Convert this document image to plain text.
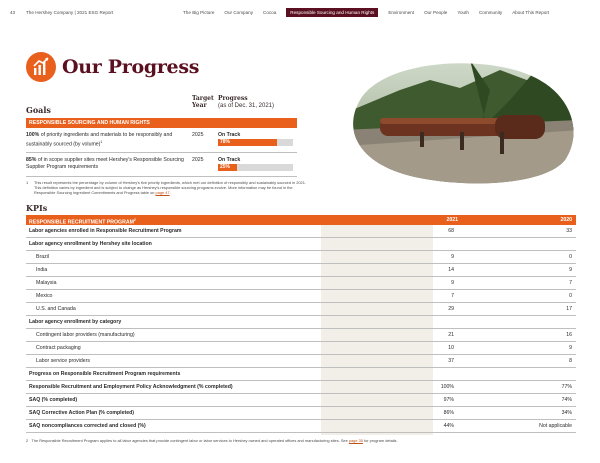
43 The Hershey Company | 2021 ESG Report	The Big Picture Our Company Cocoa	Responsible Sourcing and Human Rights	Environment Our People Youth Community About This Report
Our Progress
Goals
Target
Year
Progress
(as of Dec. 31, 2021)
RESPONSIBLE SOURCING AND HUMAN RIGHTS
100% of priority ingredients and materials to be responsibly and sustainably sourced (by volume)$^1$
2025	On Track
78%
85% of in scope supplier sites meet Hershey's Responsible Sourcing Supplier Program requirements
2025	On Track
25%
1	This result represents the percentage by volume of Hershey's five priority ingredients, which met our definition of responsibly and sustainably sourced in 2021. This definition varies by ingredient and is subject to change as Hershey's responsible sourcing programs evolve. More information may be found in the Responsible Sourcing Ingredient Commitments and Progress table on page 47.
KPIs
RESPONSIBLE RECRUITMENT PROGRAM$^2$	2021	2020
Labor agencies enrolled in Responsible Recruitment Program	68	33
Labor agency enrollment by Hershey site location
Brazil	9	0
India	14	9
Malaysia	9	7
Mexico	7	0
U.S. and Canada	29	17
Labor agency enrollment by category
Contingent labor providers (manufacturing)	21	16
Contract packaging	10	9
Labor service providers	37	8
Progress on Responsible Recruitment Program requirements
Responsible Recruitment and Employment Policy Acknowledgment (% completed)	100%	77%
SAQ (% completed)	97%	74%
SAQ Corrective Action Plan (% completed)	86%	34%
SAQ noncompliances corrected and closed (%)	44%	Not applicable
2 The Responsible Recruitment Program applies to all labor agencies that provide contingent labor or labor services to Hershey owned and operated offices and manufacturing sites. See page 35 for program details.
